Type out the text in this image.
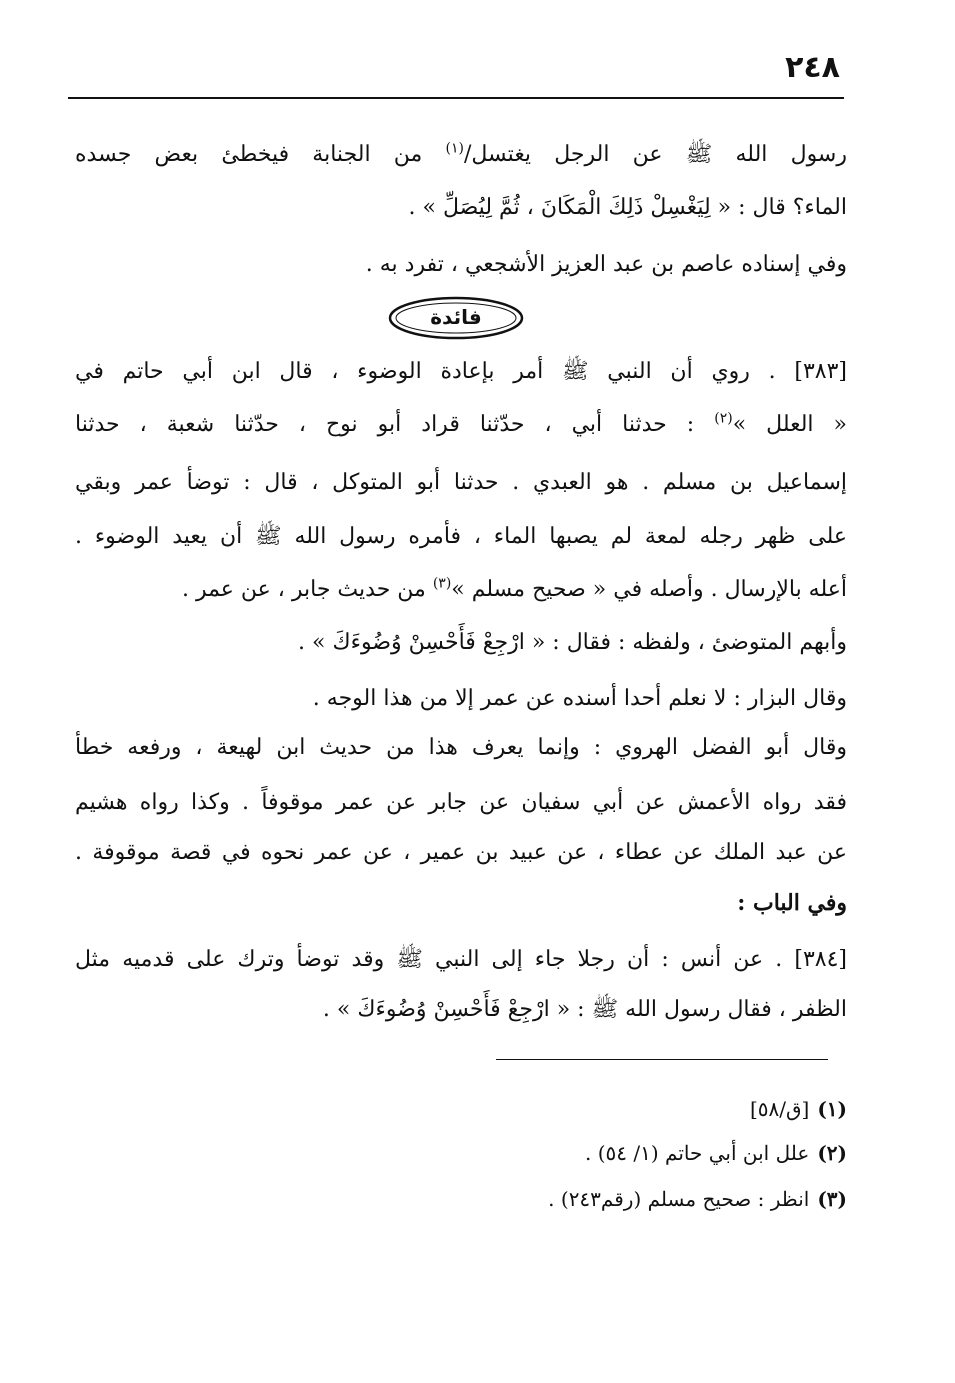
٢٤٨
رسول الله ﷺ عن الرجل يغتسل/$^{(١)}$ من الجنابة فيخطئ بعض جسده
الماء؟ قال : « لِيَغْسِلْ ذَلِكَ الْمَكَانَ ، ثُمَّ لِيُصَلِّ » .
وفي إسناده عاصم بن عبد العزيز الأشجعي ، تفرد به .
فائدة
[٣٨٣] . روي أن النبي ﷺ أمر بإعادة الوضوء ، قال ابن أبي حاتم في
« العلل »$^{(٢)}$ : حدثنا أبي ، حدّثنا قراد أبو نوح ، حدّثنا شعبة ، حدثنا
إسماعيل بن مسلم . هو العبدي . حدثنا أبو المتوكل ، قال : توضأ عمر وبقي
على ظهر رجله لمعة لم يصبها الماء ، فأمره رسول الله ﷺ أن يعيد الوضوء .
أعله بالإرسال . وأصله في « صحيح مسلم »$^{(٣)}$ من حديث جابر ، عن عمر .
وأبهم المتوضئ ، ولفظه : فقال : « ارْجِعْ فَأَحْسِنْ وُضُوءَكَ » .
وقال البزار : لا نعلم أحدا أسنده عن عمر إلا من هذا الوجه .
وقال أبو الفضل الهروي : وإنما يعرف هذا من حديث ابن لهيعة ، ورفعه خطأ
فقد رواه الأعمش عن أبي سفيان عن جابر عن عمر موقوفاً . وكذا رواه هشيم
عن عبد الملك عن عطاء ، عن عبيد بن عمير ، عن عمر نحوه في قصة موقوفة .
وفي الباب :
[٣٨٤] . عن أنس : أن رجلا جاء إلى النبي ﷺ وقد توضأ وترك على قدميه مثل
الظفر ، فقال رسول الله ﷺ : « ارْجِعْ فَأَحْسِنْ وُضُوءَكَ » .
(١)[ق/٥٨]
(٢)علل ابن أبي حاتم (١/ ٥٤) .
(٣)انظر : صحيح مسلم (رقم٢٤٣) .
